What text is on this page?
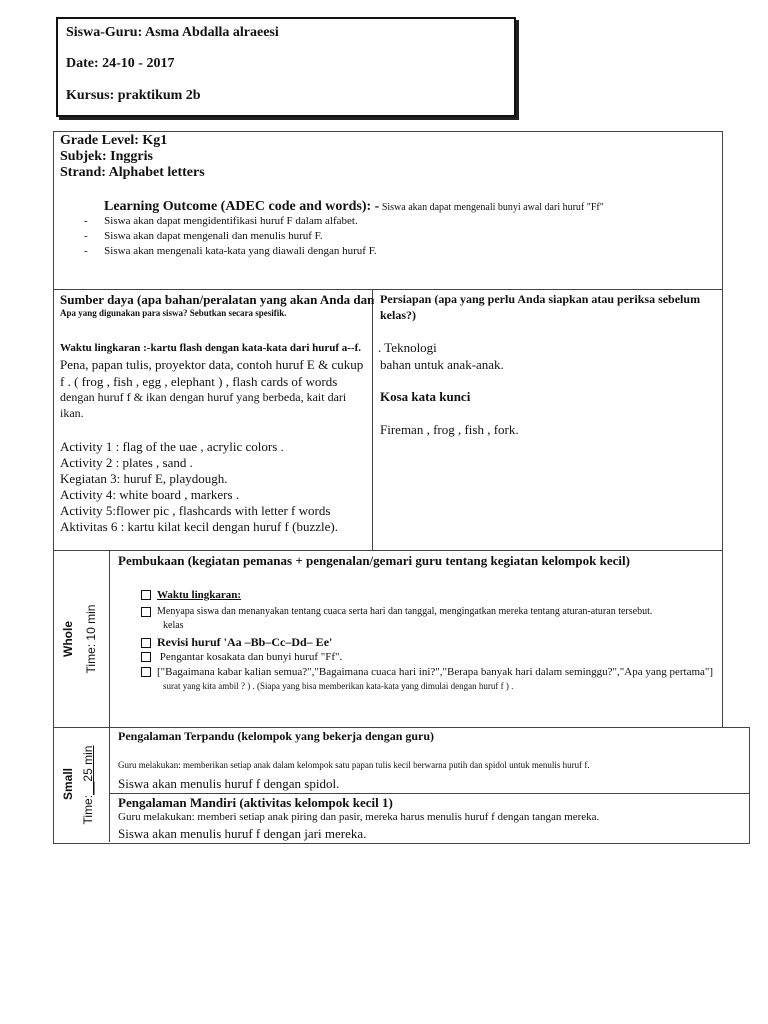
Siswa-Guru: Asma Abdalla alraeesi
Date: 24-10 - 2017
Kursus: praktikum 2b
Grade Level: Kg1
Subjek: Inggris
Strand: Alphabet letters
Learning Outcome (ADEC code and words): - Siswa akan dapat mengenali bunyi awal dari huruf "Ff"
-      Siswa akan dapat mengidentifikasi huruf F dalam alfabet.
-      Siswa akan dapat mengenali dan menulis huruf F.
-      Siswa akan mengenali kata-kata yang diawali dengan huruf F.
Sumber daya (apa bahan/peralatan yang akan Anda dan
Apa yang digunakan para siswa? Sebutkan secara spesifik.
Waktu lingkaran :-kartu flash dengan kata-kata dari huruf a--f.
Pena, papan tulis, proyektor data, contoh huruf E & cukup
f . ( frog , fish , egg , elephant ) , flash cards of words
dengan huruf f & ikan dengan huruf yang berbeda, kait dari
ikan.
Activity 1 : flag of the uae , acrylic colors .
Activity 2 : plates , sand .
Kegiatan 3: huruf E, playdough.
Activity 4: white board , markers .
Activity 5:flower pic , flashcards with letter f words
Aktivitas 6 : kartu kilat kecil dengan huruf f (buzzle).
Persiapan (apa yang perlu Anda siapkan atau periksa sebelum
kelas?)
. Teknologi
bahan untuk anak-anak.
Kosa kata kunci
Fireman , frog , fish , fork.
Whole Time: 10 min
Pembukaan (kegiatan pemanas + pengenalan/gemari guru tentang kegiatan kelompok kecil)
Waktu lingkaran:
Menyapa siswa dan menanyakan tentang cuaca serta hari dan tanggal, mengingatkan mereka tentang aturan-aturan tersebut.
kelas
Revisi huruf 'Aa –Bb–Cc–Dd– Ee'
Pengantar kosakata dan bunyi huruf "Ff".
["Bagaimana kabar kalian semua?","Bagaimana cuaca hari ini?","Berapa banyak hari dalam seminggu?","Apa yang pertama"]
surat yang kita ambil ? ) . (Siapa yang bisa memberikan kata-kata yang dimulai dengan huruf f ) .
Small
Time:__25 min
Pengalaman Terpandu (kelompok yang bekerja dengan guru)
Guru melakukan: memberikan setiap anak dalam kelompok satu papan tulis kecil berwarna putih dan spidol untuk menulis huruf f.
Siswa akan menulis huruf f dengan spidol.
Pengalaman Mandiri (aktivitas kelompok kecil 1)
Guru melakukan: memberi setiap anak piring dan pasir, mereka harus menulis huruf f dengan tangan mereka.
Siswa akan menulis huruf f dengan jari mereka.
